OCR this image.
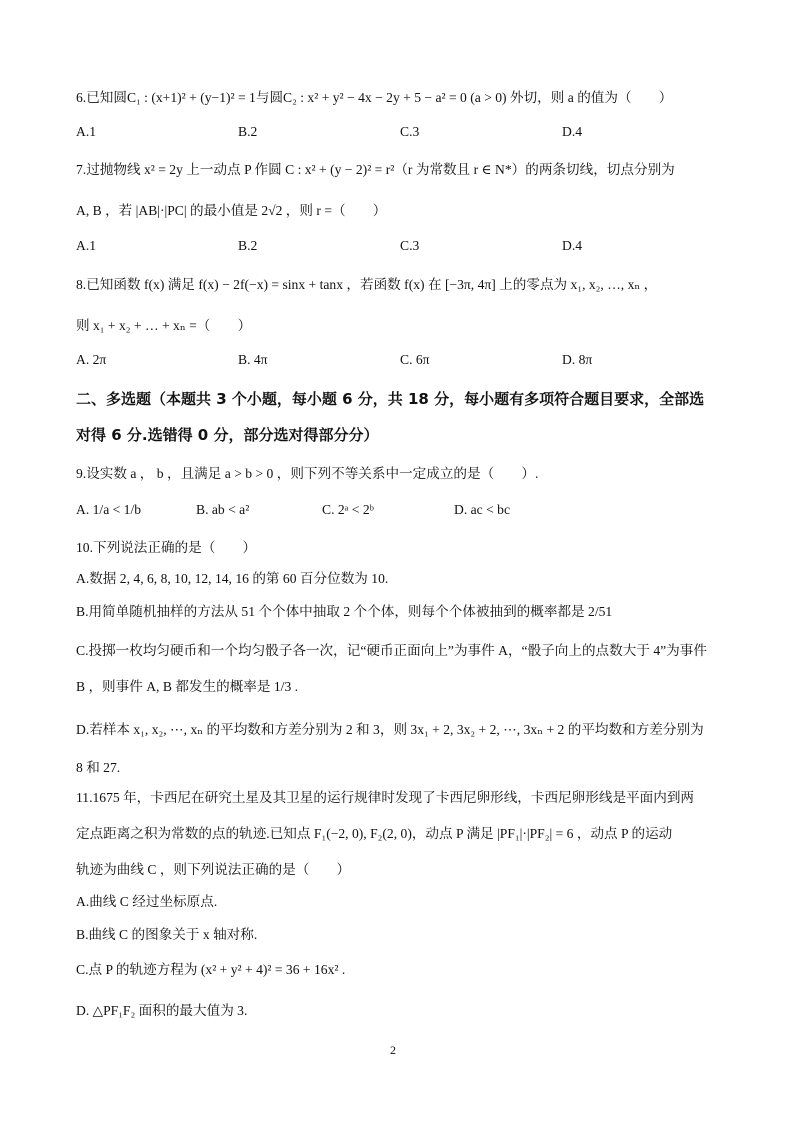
6.已知圆C₁ : (x+1)² + (y−1)² = 1与圆C₂ : x² + y² − 4x − 2y + 5 − a² = 0 (a > 0) 外切，则 a 的值为（　　）
A.1	B.2	C.3	D.4
7.过抛物线 x² = 2y 上一动点 P 作圆 C : x² + (y − 2)² = r²（r 为常数且 r ∈ N*）的两条切线，切点分别为
A, B ，若 |AB|·|PC| 的最小值是 2√2 ，则 r =（　　）
A.1	B.2	C.3	D.4
8.已知函数 f(x) 满足 f(x) − 2f(−x) = sinx + tanx ，若函数 f(x) 在 [−3π, 4π] 上的零点为 x₁, x₂, …, xₙ ，
则 x₁ + x₂ + … + xₙ =（　　）
A. 2π	B. 4π	C. 6π	D. 8π
二、多选题（本题共 3 个小题，每小题 6 分，共 18 分，每小题有多项符合题目要求，全部选
对得 6 分.选错得 0 分，部分选对得部分分）
9.设实数 a ， b ，且满足 a > b > 0 ，则下列不等关系中一定成立的是（　　）.
A. 1/a < 1/b	B. ab < a²	C. 2ᵃ < 2ᵇ	D. ac < bc
10.下列说法正确的是（　　）
A.数据 2, 4, 6, 8, 10, 12, 14, 16 的第 60 百分位数为 10.
B.用简单随机抽样的方法从 51 个个体中抽取 2 个个体，则每个个体被抽到的概率都是 2/51
C.投掷一枚均匀硬币和一个均匀骰子各一次，记“硬币正面向上”为事件 A，“骰子向上的点数大于 4”为事件
B ，则事件 A, B 都发生的概率是 1/3 .
D.若样本 x₁, x₂, ⋯, xₙ 的平均数和方差分别为 2 和 3，则 3x₁ + 2, 3x₂ + 2, ⋯, 3xₙ + 2 的平均数和方差分别为
8 和 27.
11.1675 年，卡西尼在研究土星及其卫星的运行规律时发现了卡西尼卵形线，卡西尼卵形线是平面内到两
定点距离之积为常数的点的轨迹.已知点 F₁(−2, 0), F₂(2, 0)，动点 P 满足 |PF₁|·|PF₂| = 6 ，动点 P 的运动
轨迹为曲线 C ，则下列说法正确的是（　　）
A.曲线 C 经过坐标原点.
B.曲线 C 的图象关于 x 轴对称.
C.点 P 的轨迹方程为 (x² + y² + 4)² = 36 + 16x² .
D. △PF₁F₂ 面积的最大值为 3.
2
